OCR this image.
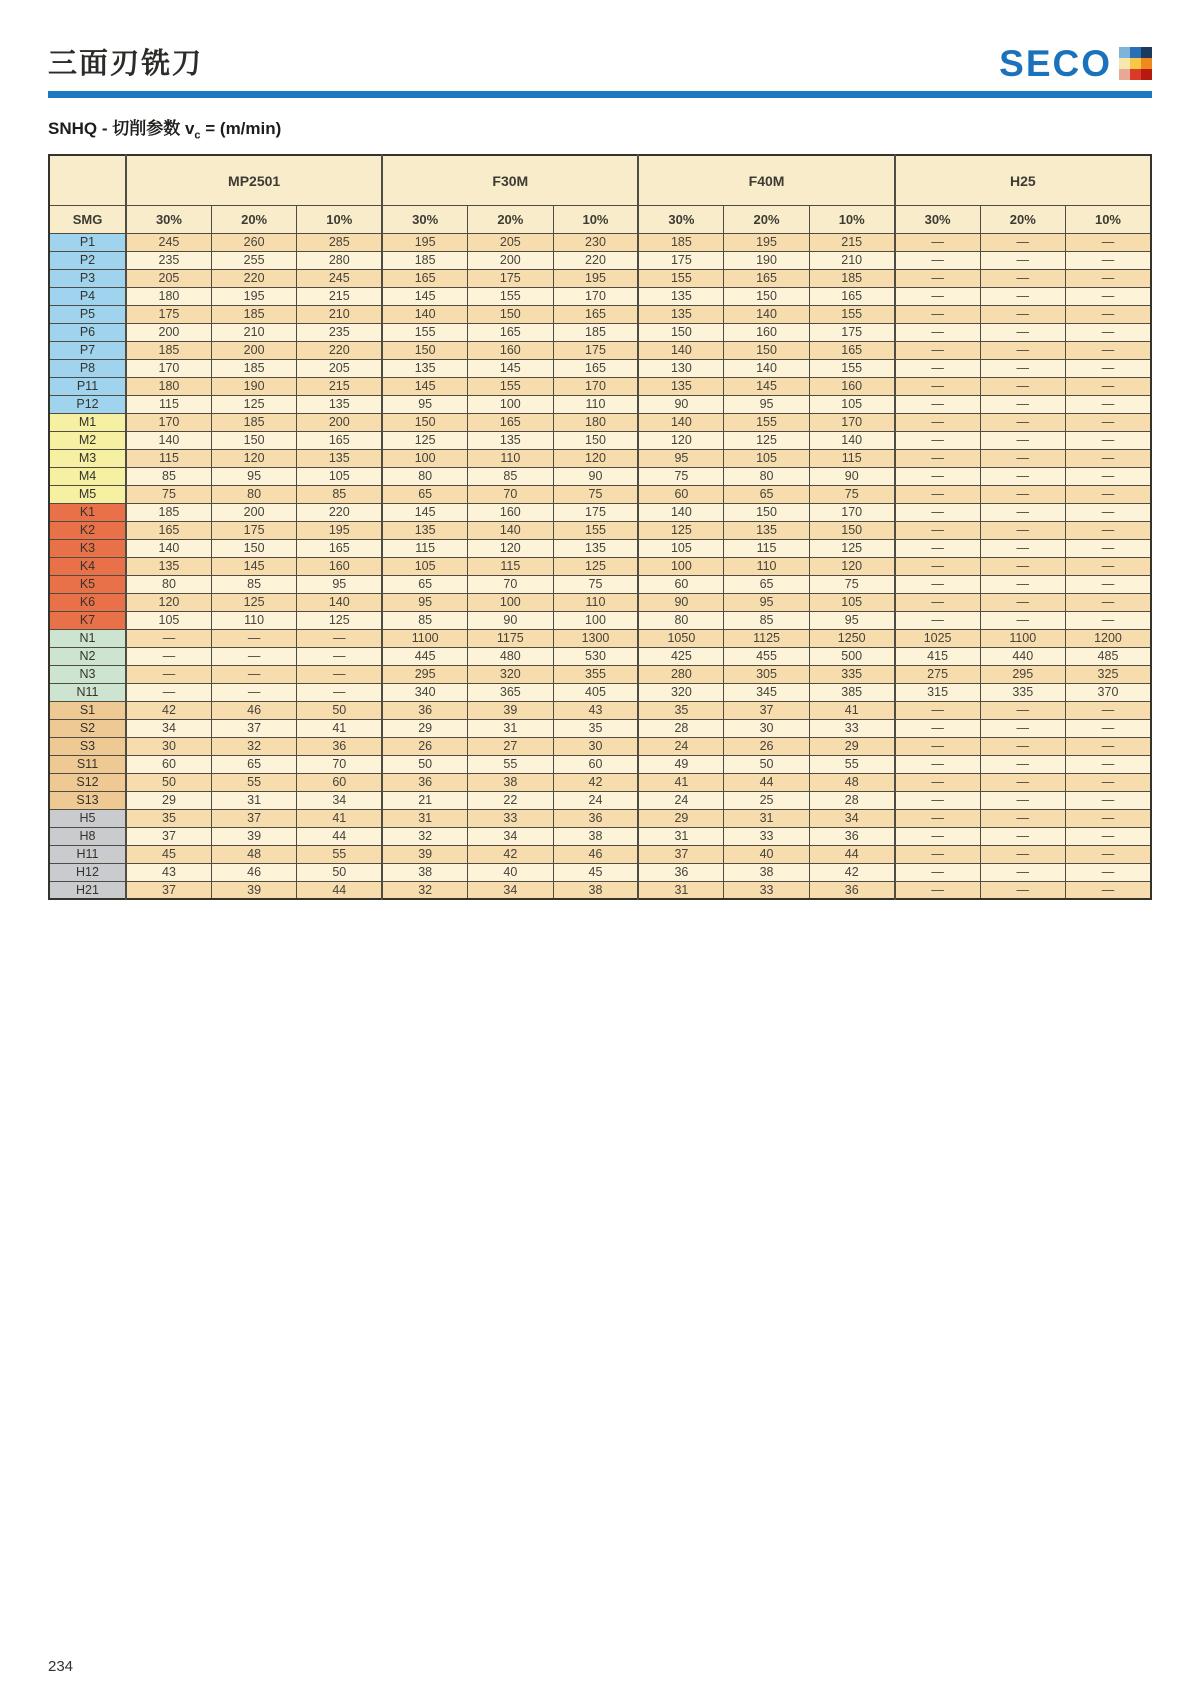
三面刃铣刀	SECO
SNHQ - 切削参数 $v_c = (m/\min)$
	MP2501			F30M			F40M			H25		
SMG	30%	20%	10%	30%	20%	10%	30%	20%	10%	30%	20%	10%
P1	245	260	285	195	205	230	185	195	215	—	—	—
P2	235	255	280	185	200	220	175	190	210	—	—	—
P3	205	220	245	165	175	195	155	165	185	—	—	—
P4	180	195	215	145	155	170	135	150	165	—	—	—
P5	175	185	210	140	150	165	135	140	155	—	—	—
P6	200	210	235	155	165	185	150	160	175	—	—	—
P7	185	200	220	150	160	175	140	150	165	—	—	—
P8	170	185	205	135	145	165	130	140	155	—	—	—
P11	180	190	215	145	155	170	135	145	160	—	—	—
P12	115	125	135	95	100	110	90	95	105	—	—	—
M1	170	185	200	150	165	180	140	155	170	—	—	—
M2	140	150	165	125	135	150	120	125	140	—	—	—
M3	115	120	135	100	110	120	95	105	115	—	—	—
M4	85	95	105	80	85	90	75	80	90	—	—	—
M5	75	80	85	65	70	75	60	65	75	—	—	—
K1	185	200	220	145	160	175	140	150	170	—	—	—
K2	165	175	195	135	140	155	125	135	150	—	—	—
K3	140	150	165	115	120	135	105	115	125	—	—	—
K4	135	145	160	105	115	125	100	110	120	—	—	—
K5	80	85	95	65	70	75	60	65	75	—	—	—
K6	120	125	140	95	100	110	90	95	105	—	—	—
K7	105	110	125	85	90	100	80	85	95	—	—	—
N1	—	—	—	1100	1175	1300	1050	1125	1250	1025	1100	1200
N2	—	—	—	445	480	530	425	455	500	415	440	485
N3	—	—	—	295	320	355	280	305	335	275	295	325
N11	—	—	—	340	365	405	320	345	385	315	335	370
S1	42	46	50	36	39	43	35	37	41	—	—	—
S2	34	37	41	29	31	35	28	30	33	—	—	—
S3	30	32	36	26	27	30	24	26	29	—	—	—
S11	60	65	70	50	55	60	49	50	55	—	—	—
S12	50	55	60	36	38	42	41	44	48	—	—	—
S13	29	31	34	21	22	24	24	25	28	—	—	—
H5	35	37	41	31	33	36	29	31	34	—	—	—
H8	37	39	44	32	34	38	31	33	36	—	—	—
H11	45	48	55	39	42	46	37	40	44	—	—	—
H12	43	46	50	38	40	45	36	38	42	—	—	—
H21	37	39	44	32	34	38	31	33	36	—	—	—
234
